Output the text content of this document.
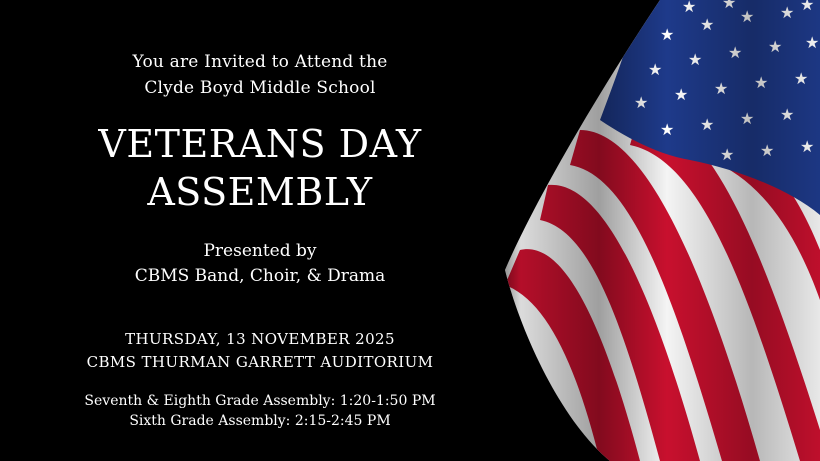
You are Invited to Attend the
Clyde Boyd Middle School
VETERANS DAY
ASSEMBLY
Presented by
CBMS Band, Choir, & Drama
THURSDAY, 13 NOVEMBER 2025
CBMS THURMAN GARRETT AUDITORIUM
Seventh & Eighth Grade Assembly: 1:20-1:50 PM
Sixth Grade Assembly: 2:15-2:45 PM
